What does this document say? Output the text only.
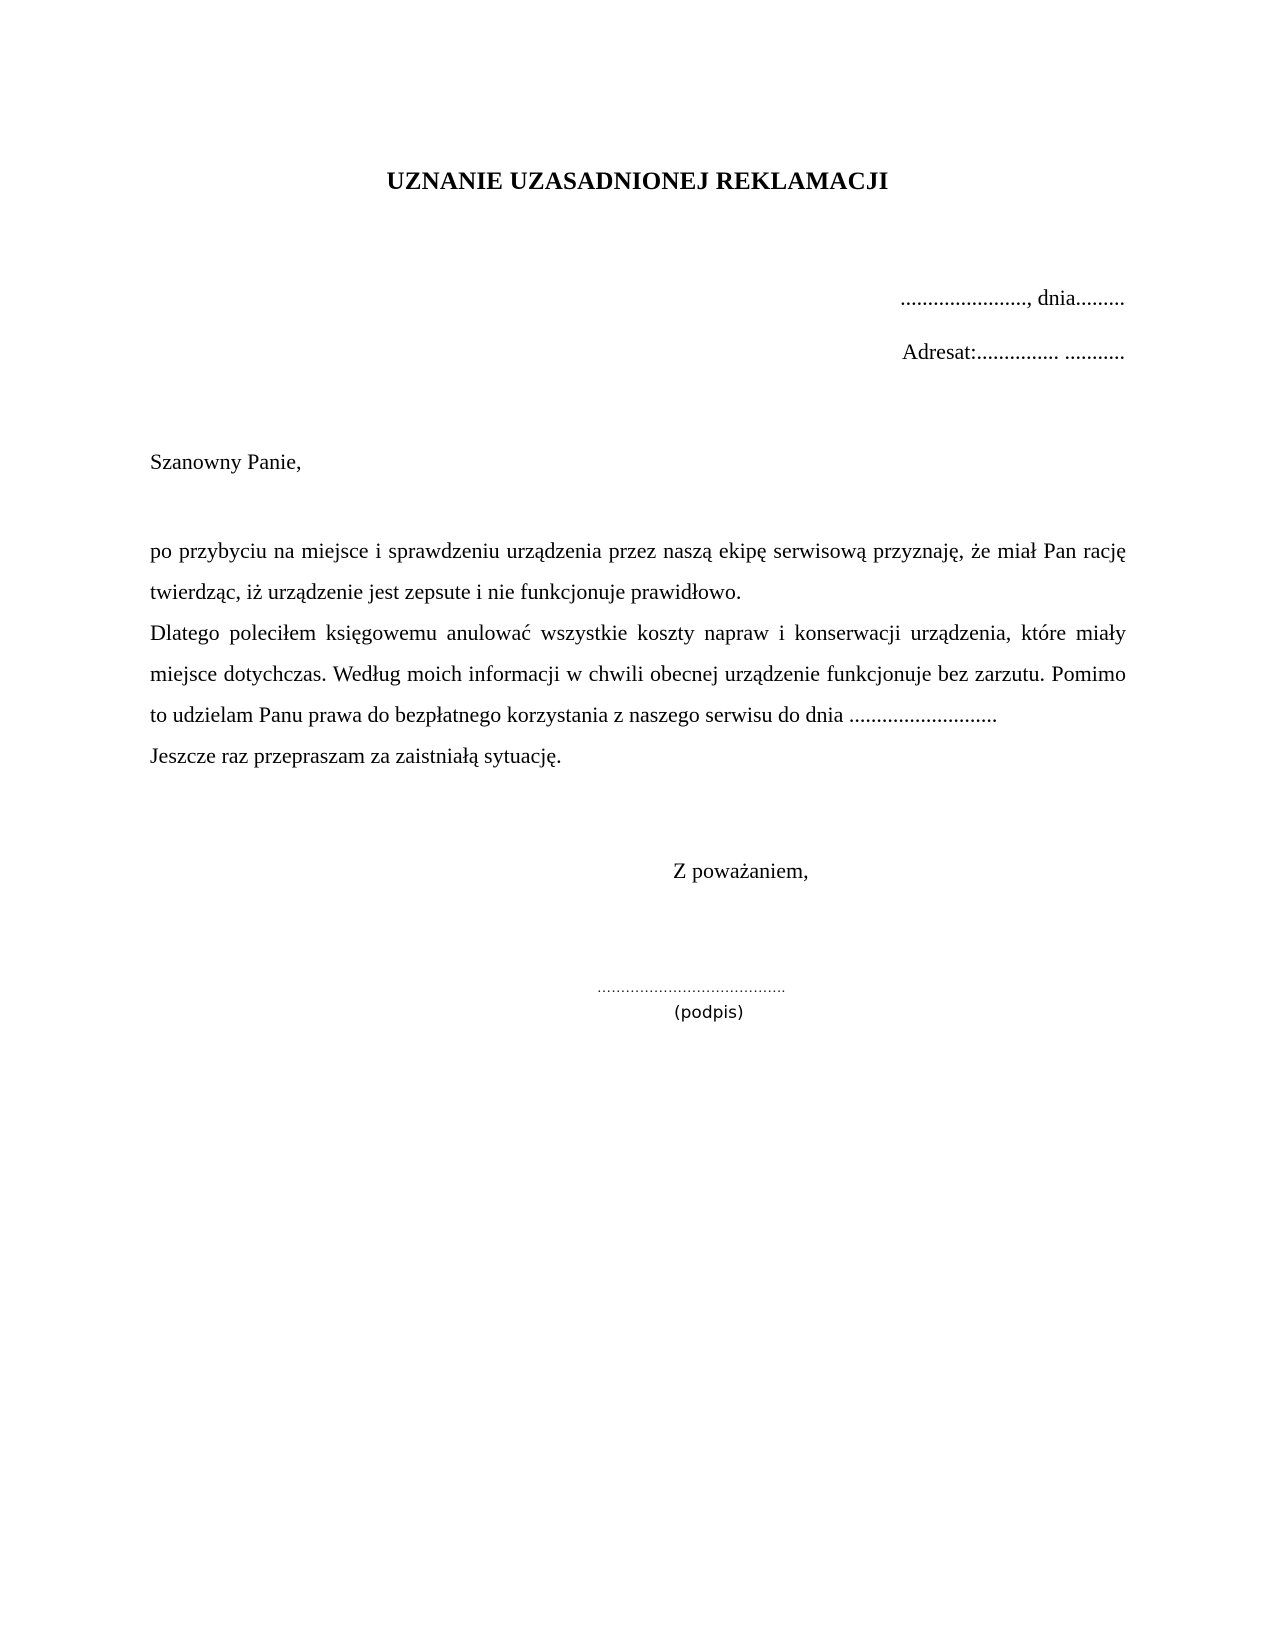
UZNANIE UZASADNIONEJ REKLAMACJI
......................., dnia.........
Adresat:............... ...........
Szanowny Panie,

po przybyciu na miejsce i sprawdzeniu urządzenia przez naszą ekipę serwisową przyznaję, że miał Pan rację twierdząc, iż urządzenie jest zepsute i nie funkcjonuje prawidłowo.

Dlatego poleciłem księgowemu anulować wszystkie koszty napraw i konserwacji urządzenia, które miały miejsce dotychczas. Według moich informacji w chwili obecnej urządzenie funkcjonuje bez zarzutu. Pomimo to udzielam Panu prawa do bezpłatnego korzystania z naszego serwisu do dnia ...........................

Jeszcze raz przepraszam za zaistniałą sytuację.

Z poważaniem,
………………………………….
(podpis)
